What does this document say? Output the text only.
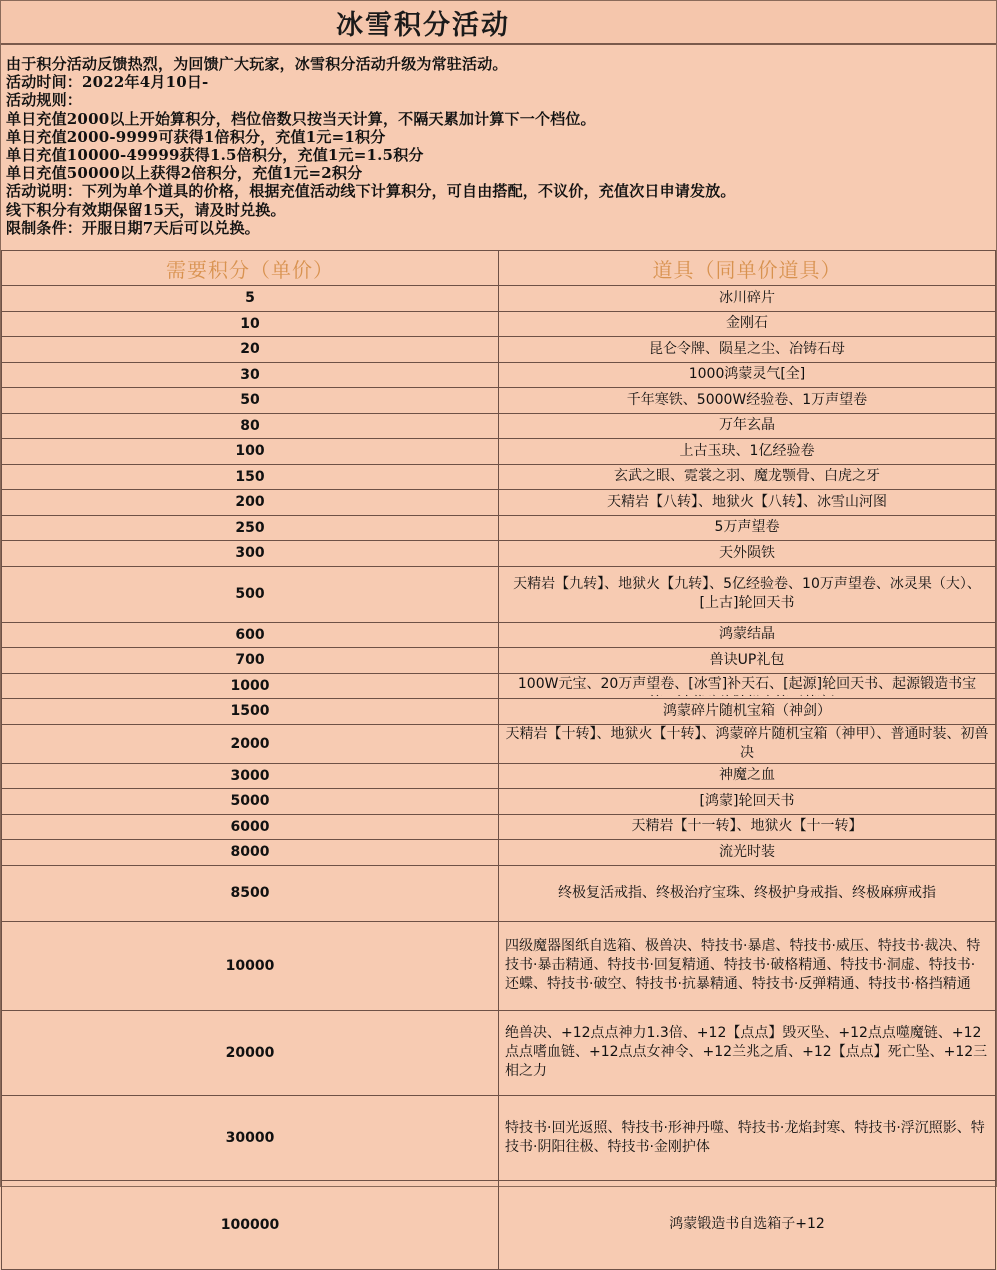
冰雪积分活动
由于积分活动反馈热烈，为回馈广大玩家，冰雪积分活动升级为常驻活动。
活动时间：2022年4月10日-
活动规则：
单日充值2000以上开始算积分，档位倍数只按当天计算，不隔天累加计算下一个档位。
单日充值2000-9999可获得1倍积分，充值1元=1积分
单日充值10000-49999获得1.5倍积分，充值1元=1.5积分
单日充值50000以上获得2倍积分，充值1元=2积分
活动说明：下列为单个道具的价格，根据充值活动线下计算积分，可自由搭配，不议价，充值次日申请发放。
线下积分有效期保留15天，请及时兑换。
限制条件：开服日期7天后可以兑换。
需要积分（单价）	道具（同单价道具）
5	冰川碎片
10	金刚石
20	昆仑令牌、陨星之尘、冶铸石母
30	1000鸿蒙灵气[全]
50	千年寒铁、5000W经验卷、1万声望卷
80	万年玄晶
100	上古玉玦、1亿经验卷
150	玄武之眼、霓裳之羽、魔龙颚骨、白虎之牙
200	天精岩【八转】、地狱火【八转】、冰雪山河图
250	5万声望卷
300	天外陨铁
500	天精岩【九转】、地狱火【九转】、5亿经验卷、10万声望卷、冰灵果（大）、[上古]轮回天书
600	鸿蒙结晶
700	兽诀UP礼包
1000	100W元宝、20万声望卷、[冰雪]补天石、[起源]轮回天书、起源锻造书宝

1500	鸿蒙碎片随机宝箱（神剑）
2000	天精岩【十转】、地狱火【十转】、鸿蒙碎片随机宝箱（神甲）、普通时装、初兽决
3000	神魔之血
5000	[鸿蒙]轮回天书
6000	天精岩【十一转】、地狱火【十一转】
8000	流光时装
8500	终极复活戒指、终极治疗宝珠、终极护身戒指、终极麻痹戒指
10000	四级魔器图纸自选箱、极兽决、特技书·暴虐、特技书·威压、特技书·裁决、特技书·暴击精通、特技书·回复精通、特技书·破格精通、特技书·洞虚、特技书·还蝶、特技书·破空、特技书·抗暴精通、特技书·反弹精通、特技书·格挡精通
20000	绝兽决、+12点点神力1.3倍、+12【点点】毁灭坠、+12点点噬魔链、+12点点嗜血链、+12点点女神令、+12兰兆之盾、+12【点点】死亡坠、+12三相之力
30000	特技书·回光返照、特技书·形神丹噬、特技书·龙焰封寒、特技书·浮沉照影、特技书·阴阳往极、特技书·金刚护体
100000	鸿蒙锻造书自选箱子+12
